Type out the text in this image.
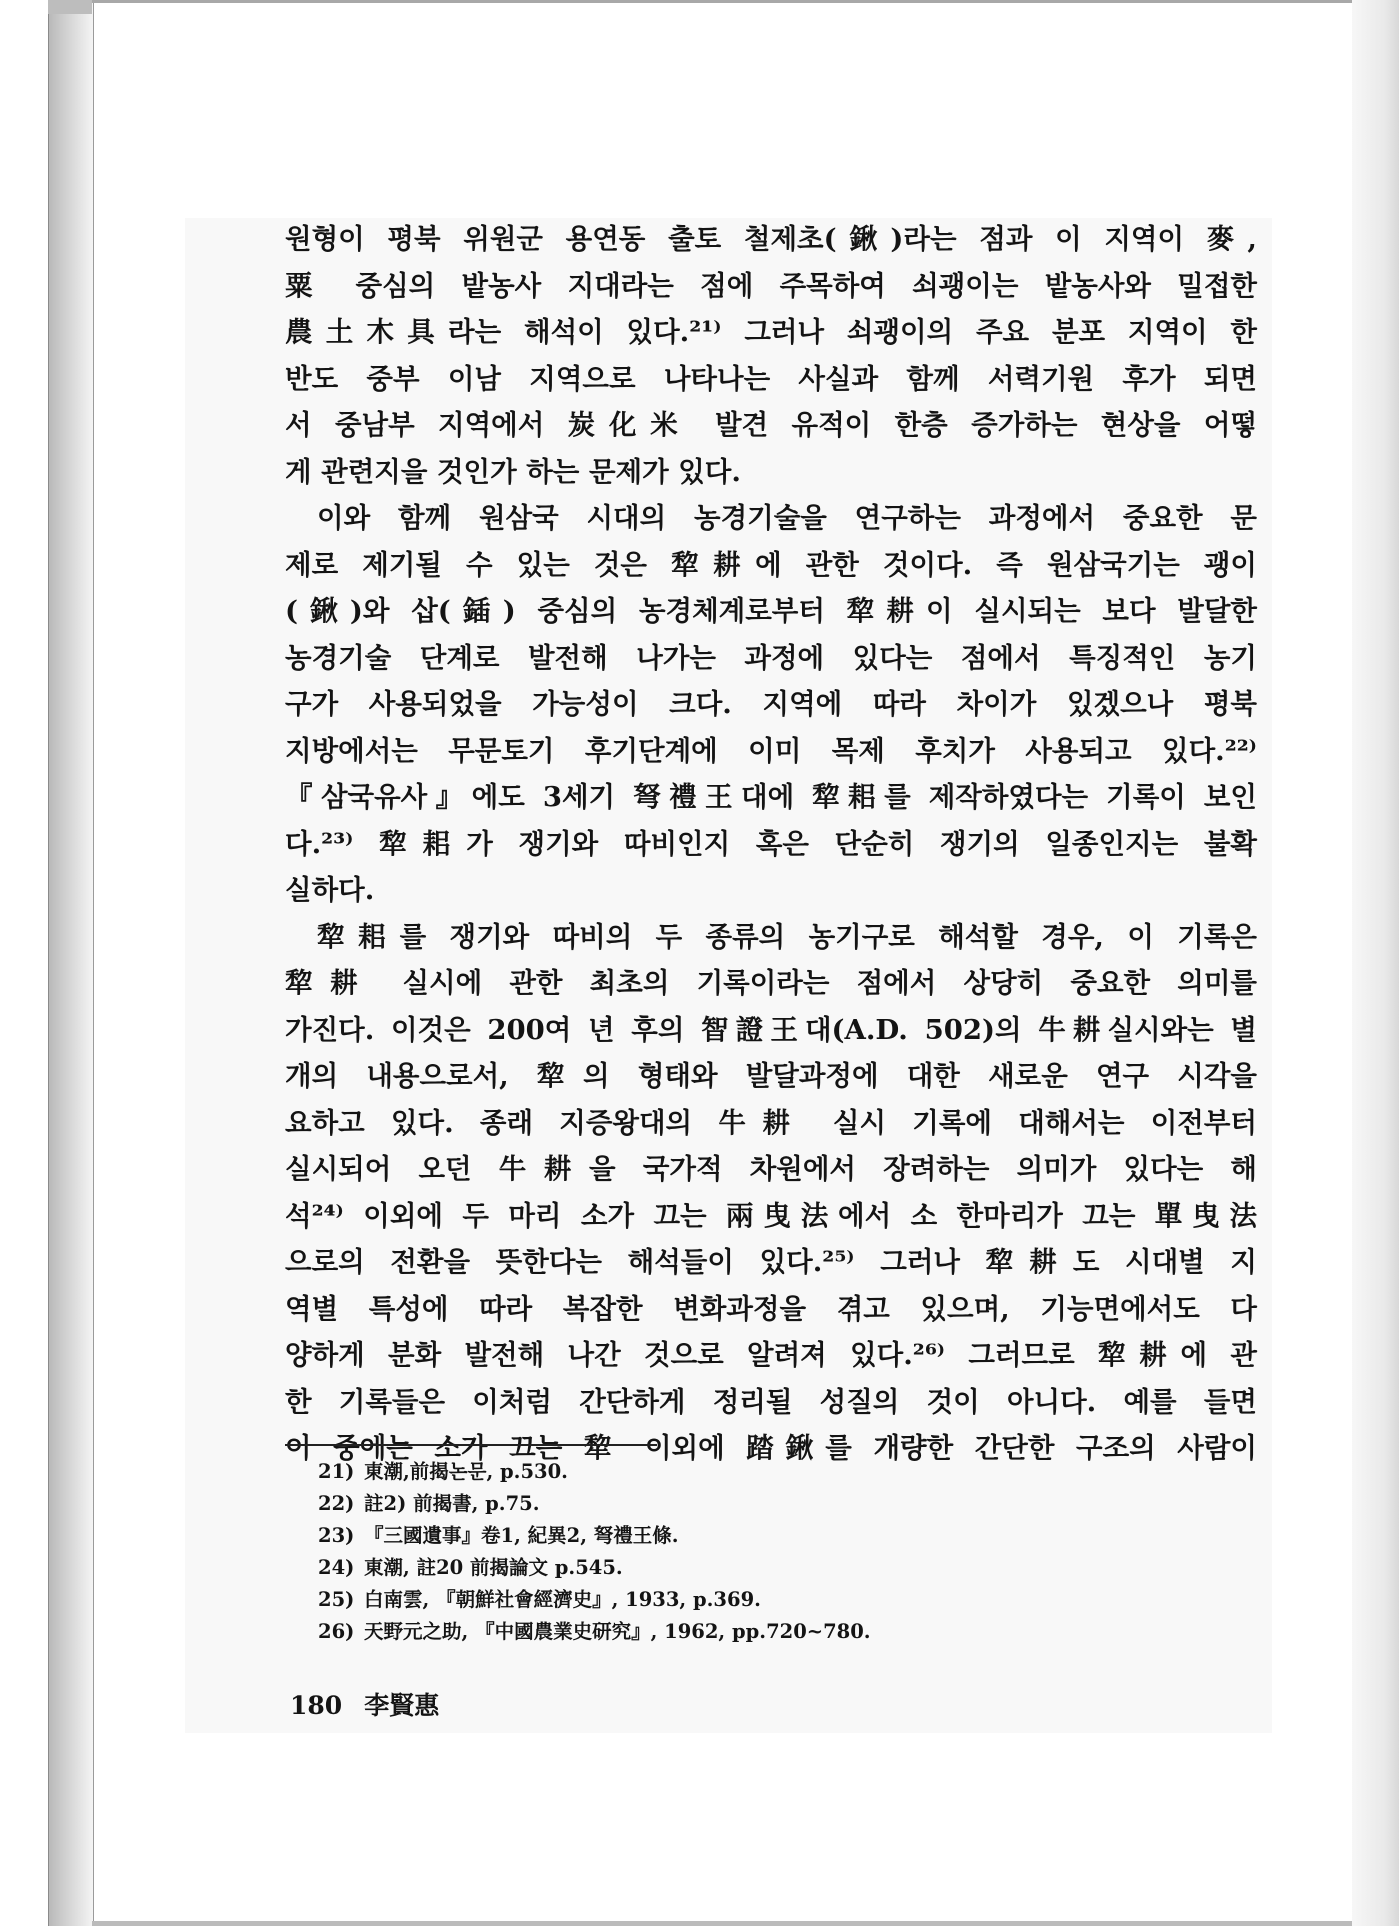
원형이 평북 위원군 용연동 출토 철제초(鍬)라는 점과 이 지역이 麥,
粟 중심의 밭농사 지대라는 점에 주목하여 쇠괭이는 밭농사와 밀접한
農土木具라는 해석이 있다.²¹⁾ 그러나 쇠괭이의 주요 분포 지역이 한
반도 중부 이남 지역으로 나타나는 사실과 함께 서력기원 후가 되면
서 중남부 지역에서 炭化米 발견 유적이 한층 증가하는 현상을 어떻
게 관련지을 것인가 하는 문제가 있다.
이와 함께 원삼국 시대의 농경기술을 연구하는 과정에서 중요한 문
제로 제기될 수 있는 것은 犂耕에 관한 것이다. 즉 원삼국기는 괭이
(鍬)와 삽(鍤) 중심의 농경체계로부터 犂耕이 실시되는 보다 발달한
농경기술 단계로 발전해 나가는 과정에 있다는 점에서 특징적인 농기
구가 사용되었을 가능성이 크다. 지역에 따라 차이가 있겠으나 평북
지방에서는 무문토기 후기단계에 이미 목제 후치가 사용되고 있다.²²⁾
『삼국유사』에도 3세기 弩禮王대에 犂耜를 제작하였다는 기록이 보인
다.²³⁾ 犂耜가 쟁기와 따비인지 혹은 단순히 쟁기의 일종인지는 불확
실하다.
犂耜를 쟁기와 따비의 두 종류의 농기구로 해석할 경우, 이 기록은
犂耕 실시에 관한 최초의 기록이라는 점에서 상당히 중요한 의미를
가진다. 이것은 200여 년 후의 智證王대(A.D. 502)의 牛耕실시와는 별
개의 내용으로서, 犂의 형태와 발달과정에 대한 새로운 연구 시각을
요하고 있다. 종래 지증왕대의 牛耕 실시 기록에 대해서는 이전부터
실시되어 오던 牛耕을 국가적 차원에서 장려하는 의미가 있다는 해
석²⁴⁾ 이외에 두 마리 소가 끄는 兩曳法에서 소 한마리가 끄는 單曳法
으로의 전환을 뜻한다는 해석들이 있다.²⁵⁾ 그러나 犂耕도 시대별 지
역별 특성에 따라 복잡한 변화과정을 겪고 있으며, 기능면에서도 다
양하게 분화 발전해 나간 것으로 알려져 있다.²⁶⁾ 그러므로 犂耕에 관
한 기록들은 이처럼 간단하게 정리될 성질의 것이 아니다. 예를 들면
이 중에는 소가 끄는 犂 이외에 踏鍬를 개량한 간단한 구조의 사람이
21) 東潮,前揭논문, p.530.
22) 註2) 前揭書, p.75.
23) 『三國遺事』卷1, 紀異2, 弩禮王條.
24) 東潮, 註20 前揭論文 p.545.
25) 白南雲, 『朝鮮社會經濟史』, 1933, p.369.
26) 天野元之助, 『中國農業史研究』, 1962, pp.720~780.
180 李賢惠
